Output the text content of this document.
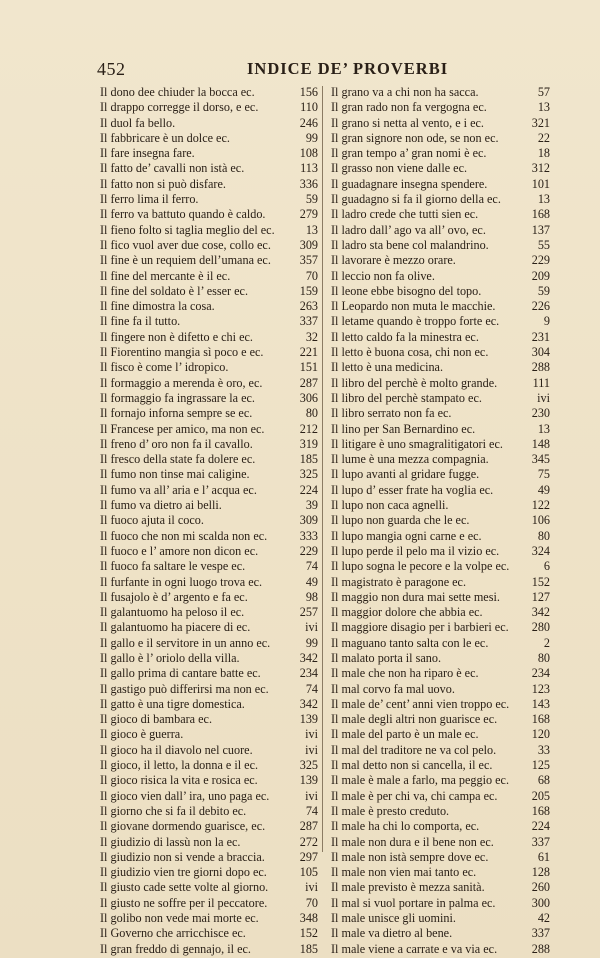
452	INDICE DE’ PROVERBI
Il dono dee chiuder la bocca ec.	156
Il drappo corregge il dorso, e ec.	110
Il duol fa bello.	246
Il fabbricare è un dolce ec.	99
Il fare insegna fare.	108
Il fatto de’ cavalli non istà ec.	113
Il fatto non si può disfare.	336
Il ferro lima il ferro.	59
Il ferro va battuto quando è caldo.	279
Il fieno folto si taglia meglio del ec.	13
Il fico vuol aver due cose, collo ec. 309
Il fine è un requiem dell’umana ec. 357
Il fine del mercante è il ec.	70
Il fine del soldato è l’ esser ec.	159
Il fine dimostra la cosa.	263
Il fine fa il tutto.	337
Il fingere non è difetto e chi ec.	32
Il Fiorentino mangia sì poco e ec.	221
Il fisco è come l’ idropico.	151
Il formaggio a merenda è oro, ec.	287
Il formaggio fa ingrassare la ec.	306
Il fornajo inforna sempre se ec.	80
Il Francese per amico, ma non ec.	212
Il freno d’ oro non fa il cavallo.	319
Il fresco della state fa dolere ec.	185
Il fumo non tinse mai caligine.	325
Il fumo va all’ aria e l’ acqua ec.	224
Il fumo va dietro ai belli.	39
Il fuoco ajuta il coco.	309
Il fuoco che non mi scalda non ec.	333
Il fuoco e l’ amore non dicon ec.	229
Il fuoco fa saltare le vespe ec.	74
Il furfante in ogni luogo trova ec.	49
Il fusajolo è d’ argento e fa ec.	98
Il galantuomo ha peloso il ec.	257
Il galantuomo ha piacere di ec.	ivi
Il gallo e il servitore in un anno ec.	99
Il gallo è l’ oriolo della villa.	342
Il gallo prima di cantare batte ec.	234
Il gastigo può differirsi ma non ec.	74
Il gatto è una tigre domestica.	342
Il gioco di bambara ec.	139
Il gioco è guerra.	ivi
Il gioco ha il diavolo nel cuore.	ivi
Il gioco, il letto, la donna e il ec.	325
Il gioco risica la vita e rosica ec.	139
Il gioco vien dall’ ira, uno paga ec.	ivi
Il giorno che si fa il debito ec.	74
Il giovane dormendo guarisce, ec.	287
Il giudizio di lassù non la ec.	272
Il giudizio non si vende a braccia.	297
Il giudizio vien tre giorni dopo ec.	105
Il giusto cade sette volte al giorno.	ivi
Il giusto ne soffre per il peccatore.	70
Il golibo non vede mai morte ec.	348
Il Governo che arricchisce ec.	152
Il gran freddo di gennajo, il ec.	185
Il grano va a chi non ha sacca.	57
Il gran rado non fa vergogna ec.	13
Il grano si netta al vento, e i ec.	321
Il gran signore non ode, se non ec.	22
Il gran tempo a’ gran nomi è ec.	18
Il grasso non viene dalle ec.	312
Il guadagnare insegna spendere.	101
Il guadagno si fa il giorno della ec.	13
Il ladro crede che tutti sien ec.	168
Il ladro dall’ ago va all’ ovo, ec.	137
Il ladro sta bene col malandrino.	55
Il lavorare è mezzo orare.	229
Il leccio non fa olive.	209
Il leone ebbe bisogno del topo.	59
Il Leopardo non muta le macchie.	226
Il letame quando è troppo forte ec.	9
Il letto caldo fa la minestra ec.	231
Il letto è buona cosa, chi non ec.	304
Il letto è una medicina.	288
Il libro del perchè è molto grande.	111
Il libro del perchè stampato ec.	ivi
Il libro serrato non fa ec.	230
Il lino per San Bernardino ec.	13
Il litigare è uno smagralitigatori ec. 148
Il lume è una mezza compagnia.	345
Il lupo avanti al gridare fugge.	75
Il lupo d’ esser frate ha voglia ec.	49
Il lupo non caca agnelli.	122
Il lupo non guarda che le ec.	106
Il lupo mangia ogni carne e ec.	80
Il lupo perde il pelo ma il vizio ec.	324
Il lupo sogna le pecore e la volpe ec.	6
Il magistrato è paragone ec.	152
Il maggio non dura mai sette mesi.	127
Il maggior dolore che abbia ec.	342
Il maggiore disagio per i barbieri ec. 280
Il maguano tanto salta con le ec.	2
Il malato porta il sano.	80
Il male che non ha riparo è ec.	234
Il mal corvo fa mal uovo.	123
Il male de’ cent’ anni vien troppo ec. 143
Il male degli altri non guarisce ec.	168
Il male del parto è un male ec.	120
Il mal del traditore ne va col pelo.	33
Il mal detto non si cancella, il ec.	125
Il male è male a farlo, ma peggio ec. 68
Il male è per chi va, chi campa ec.	205
Il male è presto creduto.	168
Il male ha chi lo comporta, ec.	224
Il male non dura e il bene non ec.	337
Il male non istà sempre dove ec.	61
Il male non vien mai tanto ec.	128
Il male previsto è mezza sanità.	260
Il mal si vuol portare in palma ec.	300
Il male unisce gli uomini.	42
Il male va dietro al bene.	337
Il male viene a carrate e va via ec.	288
